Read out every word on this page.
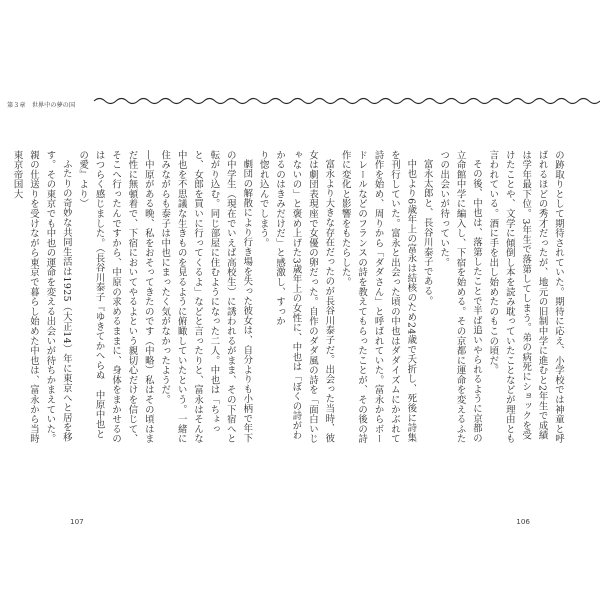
第３章　世界中の夢の国

の跡取りとして期待されていた。期待に応え、小学校では神童と呼ばれるほどの秀才だったが、地元の旧制中学に進むと2年生で成績は学年最下位。3年生で落第してしまう。弟の病死にショックを受けたことや、文学に傾倒し本を読み耽っていたことなどが理由とも言われている。酒に手を出し始めたのもこの頃だ。

その後、中也は、落第したことで半ば追いやられるように京都の立命館中学に編入し、下宿を始める。その京都に運命を変えるふたつの出会いが待っていた。

富永太郎と、長谷川泰子である。

中也より6歳年上の富永は結核のため24歳で夭折し、死後に詩集を刊行していた。富永と出会った頃の中也はダダイズムにかぶれて詩作を始め、周りから「ダダさん」と呼ばれていた。富永からボードレールなどのフランスの詩を教えてもらったことが、その後の詩作に変化と影響をもたらした。

富永より大きな存在だったのが長谷川泰子だ。出会った当時、彼女は劇団表現座で女優の卵だった。自作のダダ風の詩を「面白いじゃないの」と褒め上げた3歳年上の女性に、中也は「ぼくの詩がわかるのはきみだけだ」と感激し、すっか

り惚れ込んでしまう。

劇団の解散により行き場を失った彼女は、自分よりも小柄で年下の中学生（現在でいえば高校生）に誘われるがまま、その下宿へと転がり込む。同じ部屋に住むようになった二人。中也は「ちょっと、女郎を買いに行ってくるよ」などと言ったりと、富永はそんな中也を不思議な生きものを見るように俯瞰していたという。一緒に住みながらも泰子は中也にまったく気がなかったようだ。

―中原がある晩、私をおそってきたのです（中略）私はその頃はまだ性に無頓着で、下宿においてやるよという親切心だけを信じて、そこへ行ったんですから、中原の求めるままに、身体をまかせるのはつらく感じました。（長谷川泰子『ゆきてかへらぬ　中原中也との愛』より）

ふたりの奇妙な共同生活は1925（大正14）年に東京へと居を移す。その東京でも中也の運命を変える出会いが待ちかまえていた。

親の仕送りを受けながら東京で暮らし始めた中也は、富永から当時東京帝国大

107	106
